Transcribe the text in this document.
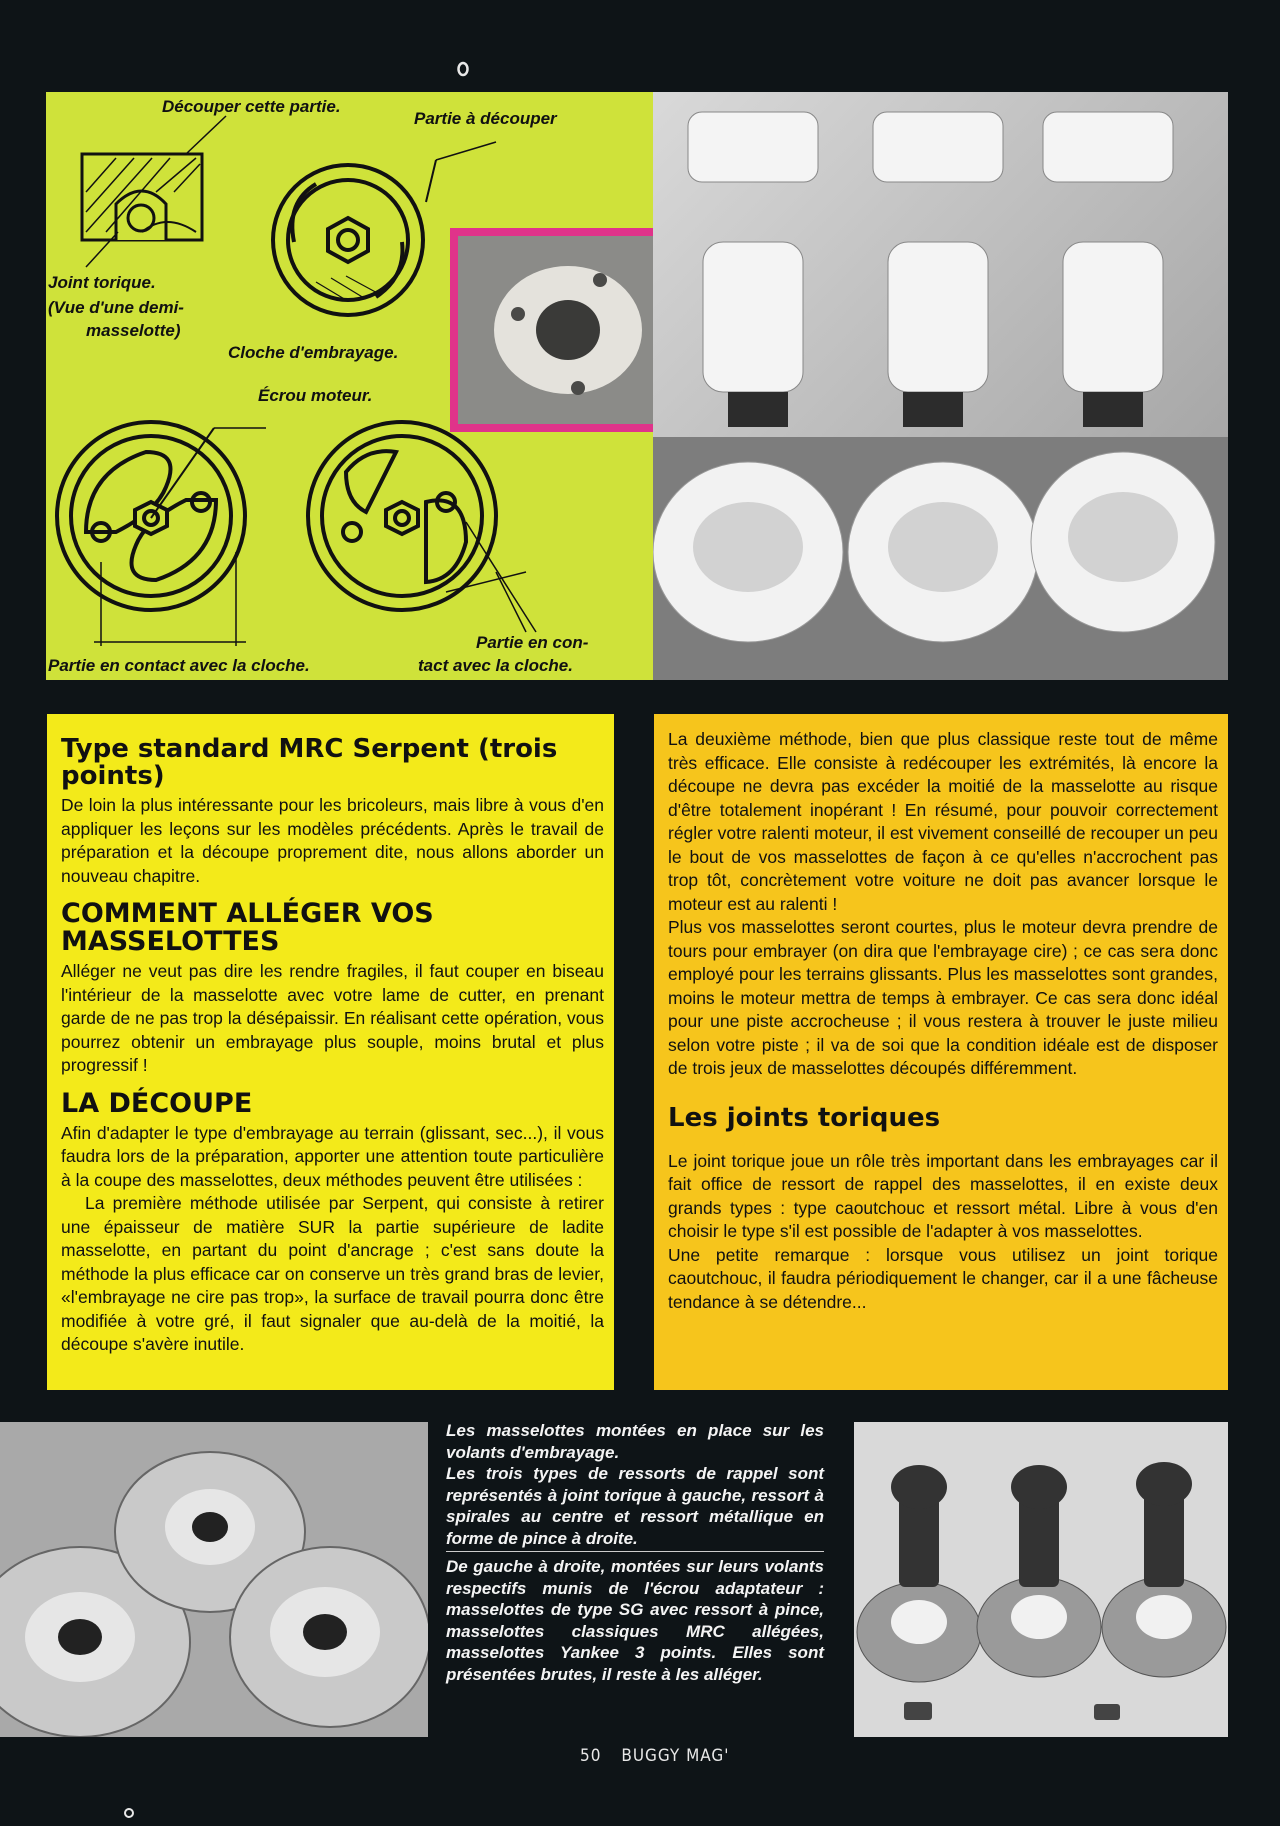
Découper cette partie.
Partie à découper
Joint torique.
(Vue d'une demi-
masselotte)
Cloche d'embrayage.
Écrou moteur.
Partie en contact avec la cloche.
Partie en con-
tact avec la cloche.
Type standard MRC Serpent (trois points)

De loin la plus intéressante pour les bricoleurs, mais libre à vous d'en appliquer les leçons sur les modèles précédents. Après le travail de préparation et la découpe proprement dite, nous allons aborder un nouveau chapitre.

COMMENT ALLÉGER VOS MASSELOTTES

Alléger ne veut pas dire les rendre fragiles, il faut couper en biseau l'intérieur de la masselotte avec votre lame de cutter, en prenant garde de ne pas trop la désépaissir. En réalisant cette opération, vous pourrez obtenir un embrayage plus souple, moins brutal et plus progressif !

LA DÉCOUPE

Afin d'adapter le type d'embrayage au terrain (glissant, sec...), il vous faudra lors de la préparation, apporter une attention toute particulière à la coupe des masselottes, deux méthodes peuvent être utilisées :

La première méthode utilisée par Serpent, qui consiste à retirer une épaisseur de matière SUR la partie supérieure de ladite masselotte, en partant du point d'ancrage ; c'est sans doute la méthode la plus efficace car on conserve un très grand bras de levier, «l'embrayage ne cire pas trop», la surface de travail pourra donc être modifiée à votre gré, il faut signaler que au-delà de la moitié, la découpe s'avère inutile.

La deuxième méthode, bien que plus classique reste tout de même très efficace. Elle consiste à redécouper les extrémités, là encore la découpe ne devra pas excéder la moitié de la masselotte au risque d'être totalement inopérant ! En résumé, pour pouvoir correctement régler votre ralenti moteur, il est vivement conseillé de recouper un peu le bout de vos masselottes de façon à ce qu'elles n'accrochent pas trop tôt, concrètement votre voiture ne doit pas avancer lorsque le moteur est au ralenti !

Plus vos masselottes seront courtes, plus le moteur devra prendre de tours pour embrayer (on dira que l'embrayage cire) ; ce cas sera donc employé pour les terrains glissants. Plus les masselottes sont grandes, moins le moteur mettra de temps à embrayer. Ce cas sera donc idéal pour une piste accrocheuse ; il vous restera à trouver le juste milieu selon votre piste ; il va de soi que la condition idéale est de disposer de trois jeux de masselottes découpés différemment.

Les joints toriques

Le joint torique joue un rôle très important dans les embrayages car il fait office de ressort de rappel des masselottes, il en existe deux grands types : type caoutchouc et ressort métal. Libre à vous d'en choisir le type s'il est possible de l'adapter à vos masselottes.

Une petite remarque : lorsque vous utilisez un joint torique caoutchouc, il faudra périodiquement le changer, car il a une fâcheuse tendance à se détendre...

Les masselottes montées en place sur les volants d'embrayage.

Les trois types de ressorts de rappel sont représentés à joint torique à gauche, ressort à spirales au centre et ressort métallique en forme de pince à droite.

De gauche à droite, montées sur leurs volants respectifs munis de l'écrou adaptateur : masselottes de type SG avec ressort à pince, masselottes classiques MRC allégées, masselottes Yankee 3 points. Elles sont présentées brutes, il reste à les alléger.

50 BUGGY MAG'
